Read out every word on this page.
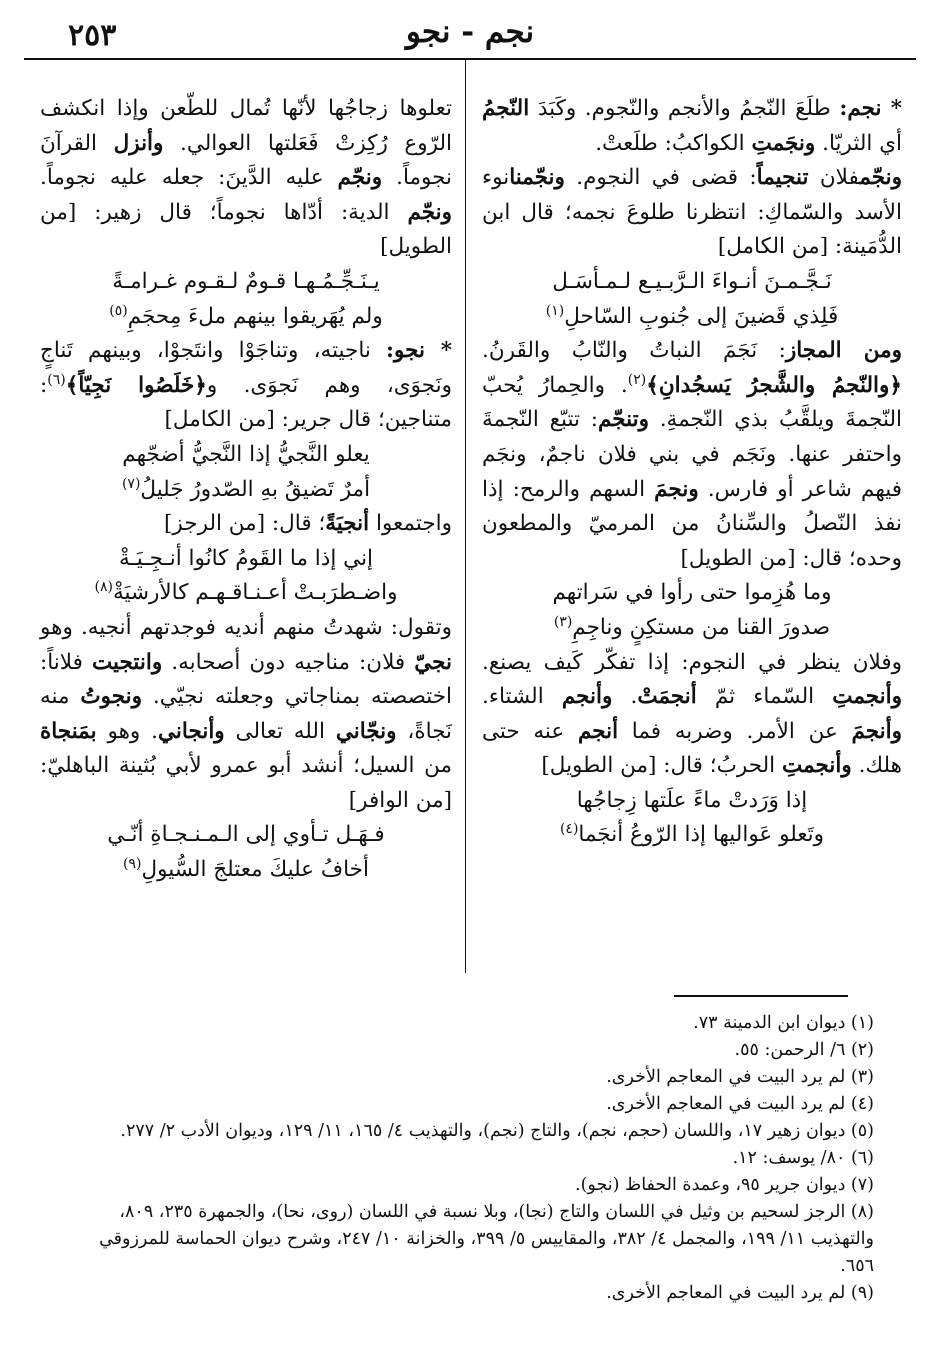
٢٥٣	نجم - نجو

* نجم: طلَعَ النّجمُ والأنجم والنّجوم. وكَبَدَ النّجمُ أي الثريّا. ونجَمتِ الكواكبُ: طلَعتْ.

ونجّمفلان تنجيماً: قضى في النجوم. ونجّمنانوء الأسد والسّماكِ: انتظرنا طلوعَ نجمه؛ قال ابن الدُّمَينة: [من الكامل]

نَـجَّـمـنَ أنـواءَ الـرَّبـيـع لـمـأسَـل
فَلِذي قَضينَ إلى جُنوبِ السّاحلِ$^{(١)}$

ومن المجاز: نَجَمَ النباتُ والنّابُ والقَرنُ. ﴿والنّجمُ والشَّجرُ يَسجُدانِ﴾$^{(٢)}$. والحِمارُ يُحبّ النّجمةَ ويلقَّبُ بذي النّجمةِ. وتنجّم: تتبّع النّجمةَ واحتفر عنها. ونَجَم في بني فلان ناجمٌ، ونجَم فيهم شاعر أو فارس. ونجمَ السهم والرمح: إذا نفذ النّصلُ والسِّنانُ من المرميّ والمطعون وحده؛ قال: [من الطويل]

وما هُزِموا حتى رأوا في سَراتهم
صدورَ القنا من مستكِنٍ وناجِمِ$^{(٣)}$

وفلان ينظر في النجوم: إذا تفكّر كَيف يصنع. وأنجمتِ السّماء ثمّ أنجمَتْ. وأنجم الشتاء. وأنجمَ عن الأمر. وضربه فما أنجم عنه حتى هلك. وأنجمتِ الحربُ؛ قال: [من الطويل]

إذا وَرَدتْ ماءً علَتها زِجاجُها
وتَعلو عَواليها إذا الرّوعُ أنجَما$^{(٤)}$

تعلوها زجاجُها لأنّها تُمال للطّعن وإذا انكشف الرّوع رُكِزتْ فَعَلتها العوالي. وأنزل القرآنَ نجوماً. ونجّم عليه الدَّينَ: جعله عليه نجوماً. ونجّم الدية: أدّاها نجوماً؛ قال زهير: [من الطويل]

يـنَـجِّـمُـهـا قـومٌ لـقـوم غـرامـةً
ولم يُهَريقوا بينهم ملءَ مِحجَمِ$^{(٥)}$

* نجو: ناجيته، وتناجَوْا وانتَجوْا، وبينهم تَناجٍ ونَجوَى، وهم نَجوَى. و﴿خَلَصُوا نَجِيّاً﴾$^{(٦)}$: متناجين؛ قال جرير: [من الكامل]

يعلو النَّجيُّ إذا النَّجيُّ أضجّهم
أمرٌ تَضيقُ بهِ الصّدورُ جَليلُ$^{(٧)}$

واجتمعوا أنجيَةً؛ قال: [من الرجز]

إني إذا ما القَومُ كانُوا أنـجِـيَـةْ
واضـطرَبـتْ أعـنـاقـهـم كالأرشيَةْ$^{(٨)}$

وتقول: شهدتُ منهم أنديه فوجدتهم أنجيه. وهو نجيّ فلان: مناجيه دون أصحابه. وانتجيت فلاناً: اختصصته بمناجاتي وجعلته نجيّي. ونجوتُ منه نَجاةً، ونجّاني الله تعالى وأنجاني. وهو بمَنجاة من السيل؛ أنشد أبو عمرو لأبي بُثينة الباهليّ: [من الوافر]

فـهَـل تـأوي إلى الـمـنـجـاةِ أنّـي
أخافُ عليكَ معتلجَ السُّيولِ$^{(٩)}$

(١) ديوان ابن الدمينة ٧٣.

(٢) ٦/ الرحمن: ٥٥.

(٣) لم يرد البيت في المعاجم الأخرى.

(٤) لم يرد البيت في المعاجم الأخرى.

(٥) ديوان زهير ١٧، واللسان (حجم، نجم)، والتاج (نجم)، والتهذيب ٤/ ١٦٥، ١١/ ١٢٩، وديوان الأدب ٢/ ٢٧٧.

(٦) ٨٠/ يوسف: ١٢.

(٧) ديوان جرير ٩٥، وعمدة الحفاظ (نجو).

(٨) الرجز لسحيم بن وثيل في اللسان والتاج (نجا)، وبلا نسبة في اللسان (روى، نحا)، والجمهرة ٢٣٥، ٨٠٩، والتهذيب ١١/ ١٩٩، والمجمل ٤/ ٣٨٢، والمقاييس ٥/ ٣٩٩، والخزانة ١٠/ ٢٤٧، وشرح ديوان الحماسة للمرزوقي ٦٥٦.

(٩) لم يرد البيت في المعاجم الأخرى.
